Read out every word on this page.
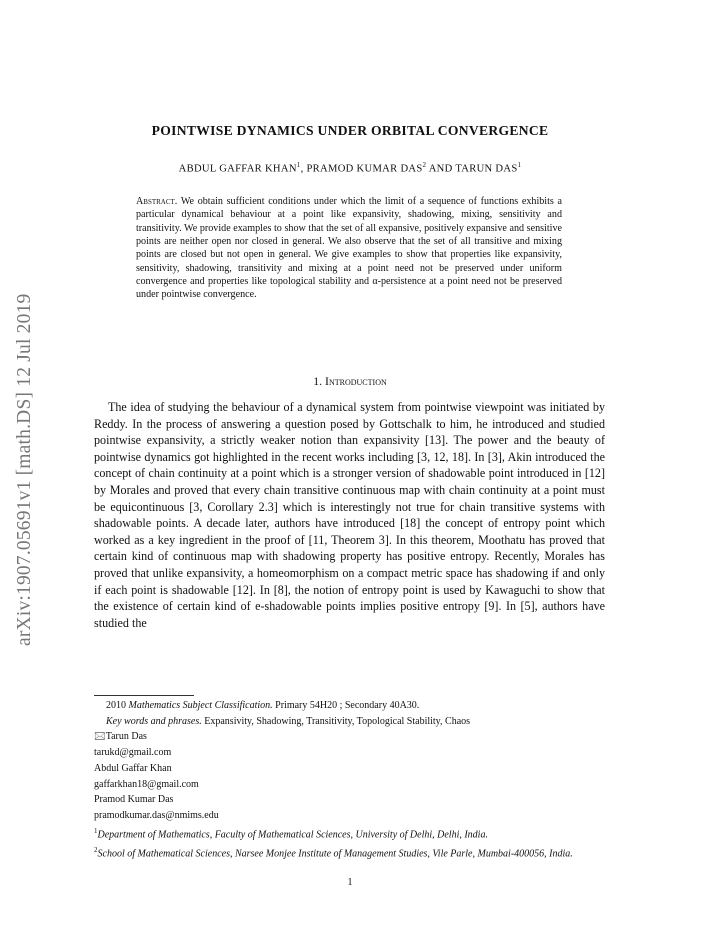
arXiv:1907.05691v1 [math.DS] 12 Jul 2019
POINTWISE DYNAMICS UNDER ORBITAL CONVERGENCE
ABDUL GAFFAR KHAN$^1$, PRAMOD KUMAR DAS$^2$ AND TARUN DAS$^1$
Abstract. We obtain sufficient conditions under which the limit of a sequence of functions exhibits a particular dynamical behaviour at a point like expansivity, shadowing, mixing, sensitivity and transitivity. We provide examples to show that the set of all expansive, positively expansive and sensitive points are neither open nor closed in general. We also observe that the set of all transitive and mixing points are closed but not open in general. We give examples to show that properties like expansivity, sensitivity, shadowing, transitivity and mixing at a point need not be preserved under uniform convergence and properties like topological stability and α-persistence at a point need not be preserved under pointwise convergence.
1. Introduction
The idea of studying the behaviour of a dynamical system from pointwise viewpoint was initiated by Reddy. In the process of answering a question posed by Gottschalk to him, he introduced and studied pointwise expansivity, a strictly weaker notion than expansivity [13]. The power and the beauty of pointwise dynamics got highlighted in the recent works including [3, 12, 18]. In [3], Akin introduced the concept of chain continuity at a point which is a stronger version of shadowable point introduced in [12] by Morales and proved that every chain transitive continuous map with chain continuity at a point must be equicontinuous [3, Corollary 2.3] which is interestingly not true for chain transitive systems with shadowable points. A decade later, authors have introduced [18] the concept of entropy point which worked as a key ingredient in the proof of [11, Theorem 3]. In this theorem, Moothatu has proved that certain kind of continuous map with shadowing property has positive entropy. Recently, Morales has proved that unlike expansivity, a homeomorphism on a compact metric space has shadowing if and only if each point is shadowable [12]. In [8], the notion of entropy point is used by Kawaguchi to show that the existence of certain kind of e-shadowable points implies positive entropy [9]. In [5], authors have studied the

2010 Mathematics Subject Classification. Primary 54H20 ; Secondary 40A30.

Key words and phrases. Expansivity, Shadowing, Transitivity, Topological Stability, Chaos

🖂︎Tarun Das

tarukd@gmail.com

Abdul Gaffar Khan

gaffarkhan18@gmail.com

Pramod Kumar Das

pramodkumar.das@nmims.edu

$^1$Department of Mathematics, Faculty of Mathematical Sciences, University of Delhi, Delhi, India.

$^2$School of Mathematical Sciences, Narsee Monjee Institute of Management Studies, Vile Parle, Mumbai-400056, India.

1
